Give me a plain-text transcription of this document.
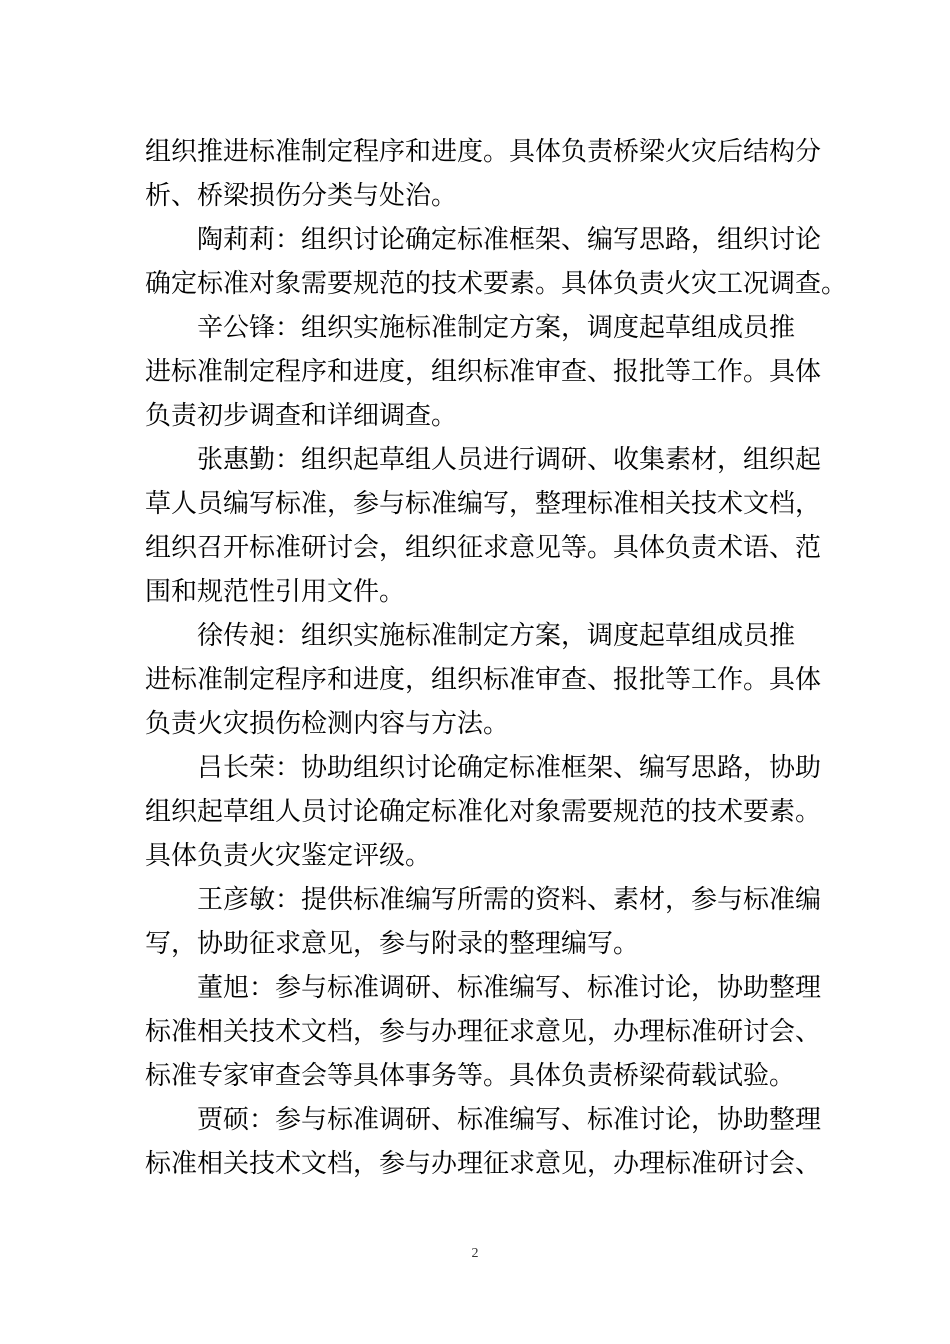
组织推进标准制定程序和进度。具体负责桥梁火灾后结构分
析、桥梁损伤分类与处治。
陶莉莉：组织讨论确定标准框架、编写思路，组织讨论
确定标准对象需要规范的技术要素。具体负责火灾工况调查。
辛公锋：组织实施标准制定方案，调度起草组成员推
进标准制定程序和进度，组织标准审查、报批等工作。具体
负责初步调查和详细调查。
张惠勤：组织起草组人员进行调研、收集素材，组织起
草人员编写标准，参与标准编写，整理标准相关技术文档，
组织召开标准研讨会，组织征求意见等。具体负责术语、范
围和规范性引用文件。
徐传昶：组织实施标准制定方案，调度起草组成员推
进标准制定程序和进度，组织标准审查、报批等工作。具体
负责火灾损伤检测内容与方法。
吕长荣：协助组织讨论确定标准框架、编写思路，协助
组织起草组人员讨论确定标准化对象需要规范的技术要素。
具体负责火灾鉴定评级。
王彦敏：提供标准编写所需的资料、素材，参与标准编
写，协助征求意见，参与附录的整理编写。
董旭：参与标准调研、标准编写、标准讨论，协助整理
标准相关技术文档，参与办理征求意见，办理标准研讨会、
标准专家审查会等具体事务等。具体负责桥梁荷载试验。
贾硕：参与标准调研、标准编写、标准讨论，协助整理
标准相关技术文档，参与办理征求意见，办理标准研讨会、
2
